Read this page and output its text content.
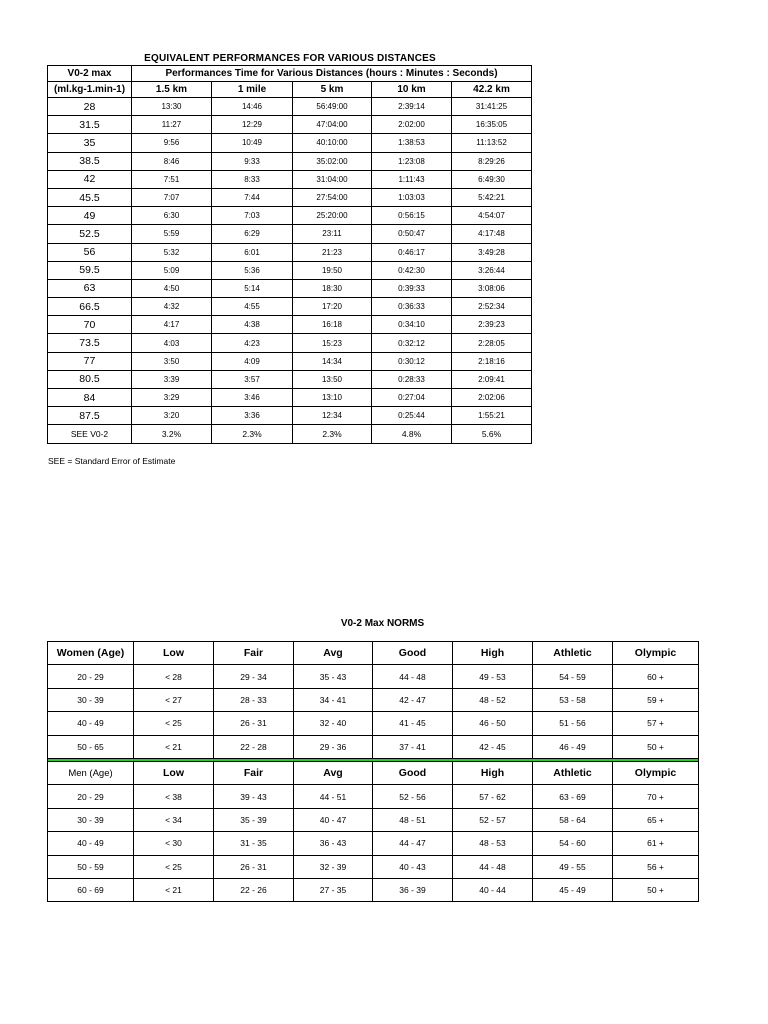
EQUIVALENT PERFORMANCES FOR VARIOUS DISTANCES
V0-2 max	Performances Time for Various Distances (hours : Minutes : Seconds)				
(ml.kg-1.min-1)	1.5 km	1 mile	5 km	10 km	42.2 km
28	13:30	14:46	56:49:00	2:39:14	31:41:25
31.5	11:27	12:29	47:04:00	2:02:00	16:35:05
35	9:56	10:49	40:10:00	1:38:53	11:13:52
38.5	8:46	9:33	35:02:00	1:23:08	8:29:26
42	7:51	8:33	31:04:00	1:11:43	6:49:30
45.5	7:07	7:44	27:54:00	1:03:03	5:42:21
49	6:30	7:03	25:20:00	0:56:15	4:54:07
52.5	5:59	6:29	23:11	0:50:47	4:17:48
56	5:32	6:01	21:23	0:46:17	3:49:28
59.5	5:09	5:36	19:50	0:42:30	3:26:44
63	4:50	5:14	18:30	0:39:33	3:08:06
66.5	4:32	4:55	17:20	0:36:33	2:52:34
70	4:17	4:38	16:18	0:34:10	2:39:23
73.5	4:03	4:23	15:23	0:32:12	2:28:05
77	3:50	4:09	14:34	0:30:12	2:18:16
80.5	3:39	3:57	13:50	0:28:33	2:09:41
84	3:29	3:46	13:10	0:27:04	2:02:06
87.5	3:20	3:36	12:34	0:25:44	1:55:21
SEE V0-2	3.2%	2.3%	2.3%	4.8%	5.6%
SEE = Standard Error of Estimate
V0-2 Max NORMS
Women (Age)	Low	Fair	Avg	Good	High	Athletic	Olympic
20 - 29	< 28	29 - 34	35 - 43	44 - 48	49 - 53	54 - 59	60 +
30 - 39	< 27	28 - 33	34 - 41	42 - 47	48 - 52	53 - 58	59 +
40 - 49	< 25	26 - 31	32 - 40	41 - 45	46 - 50	51 - 56	57 +
50 - 65	< 21	22 - 28	29 - 36	37 - 41	42 - 45	46 - 49	50 +

Men (Age)	Low	Fair	Avg	Good	High	Athletic	Olympic
20 - 29	< 38	39 - 43	44 - 51	52 - 56	57 - 62	63 - 69	70 +
30 - 39	< 34	35 - 39	40 - 47	48 - 51	52 - 57	58 - 64	65 +
40 - 49	< 30	31 - 35	36 - 43	44 - 47	48 - 53	54 - 60	61 +
50 - 59	< 25	26 - 31	32 - 39	40 - 43	44 - 48	49 - 55	56 +
60 - 69	< 21	22 - 26	27 - 35	36 - 39	40 - 44	45 - 49	50 +
